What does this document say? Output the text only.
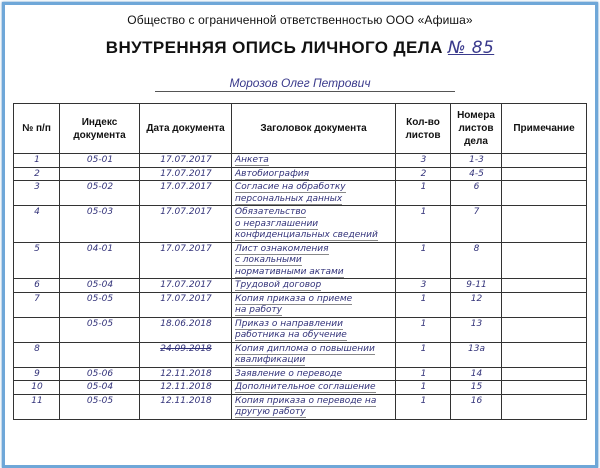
Общество с ограниченной ответственностью ООО «Афиша»
ВНУТРЕННЯЯ ОПИСЬ ЛИЧНОГО ДЕЛА № 85
Морозов Олег Петрович
№ п/п	Индекс документа	Дата документа	Заголовок документа	Кол-во листов	Номера листов дела	Примечание
1	05-01	17.07.2017	Анкета	3	1-3	
2		17.07.2017	Автобиография	2	4-5	
3	05-02	17.07.2017	Согласие на обработку
персональных данных	1	6	
4	05-03	17.07.2017	Обязательство
о неразглашении
конфиденциальных сведений	1	7	
5	04-01	17.07.2017	Лист ознакомления
с локальными
нормативными актами	1	8	
6	05-04	17.07.2017	Трудовой договор	3	9-11	
7	05-05	17.07.2017	Копия приказа о приеме
на работу	1	12	
	05-05	18.06.2018	Приказ о направлении
работника на обучение	1	13	
8		24.09.2018	Копия диплома о повышении
квалификации	1	13а	
9	05-06	12.11.2018	Заявление о переводе	1	14	
10	05-04	12.11.2018	Дополнительное соглашение	1	15	
11	05-05	12.11.2018	Копия приказа о переводе на
другую работу	1	16	
